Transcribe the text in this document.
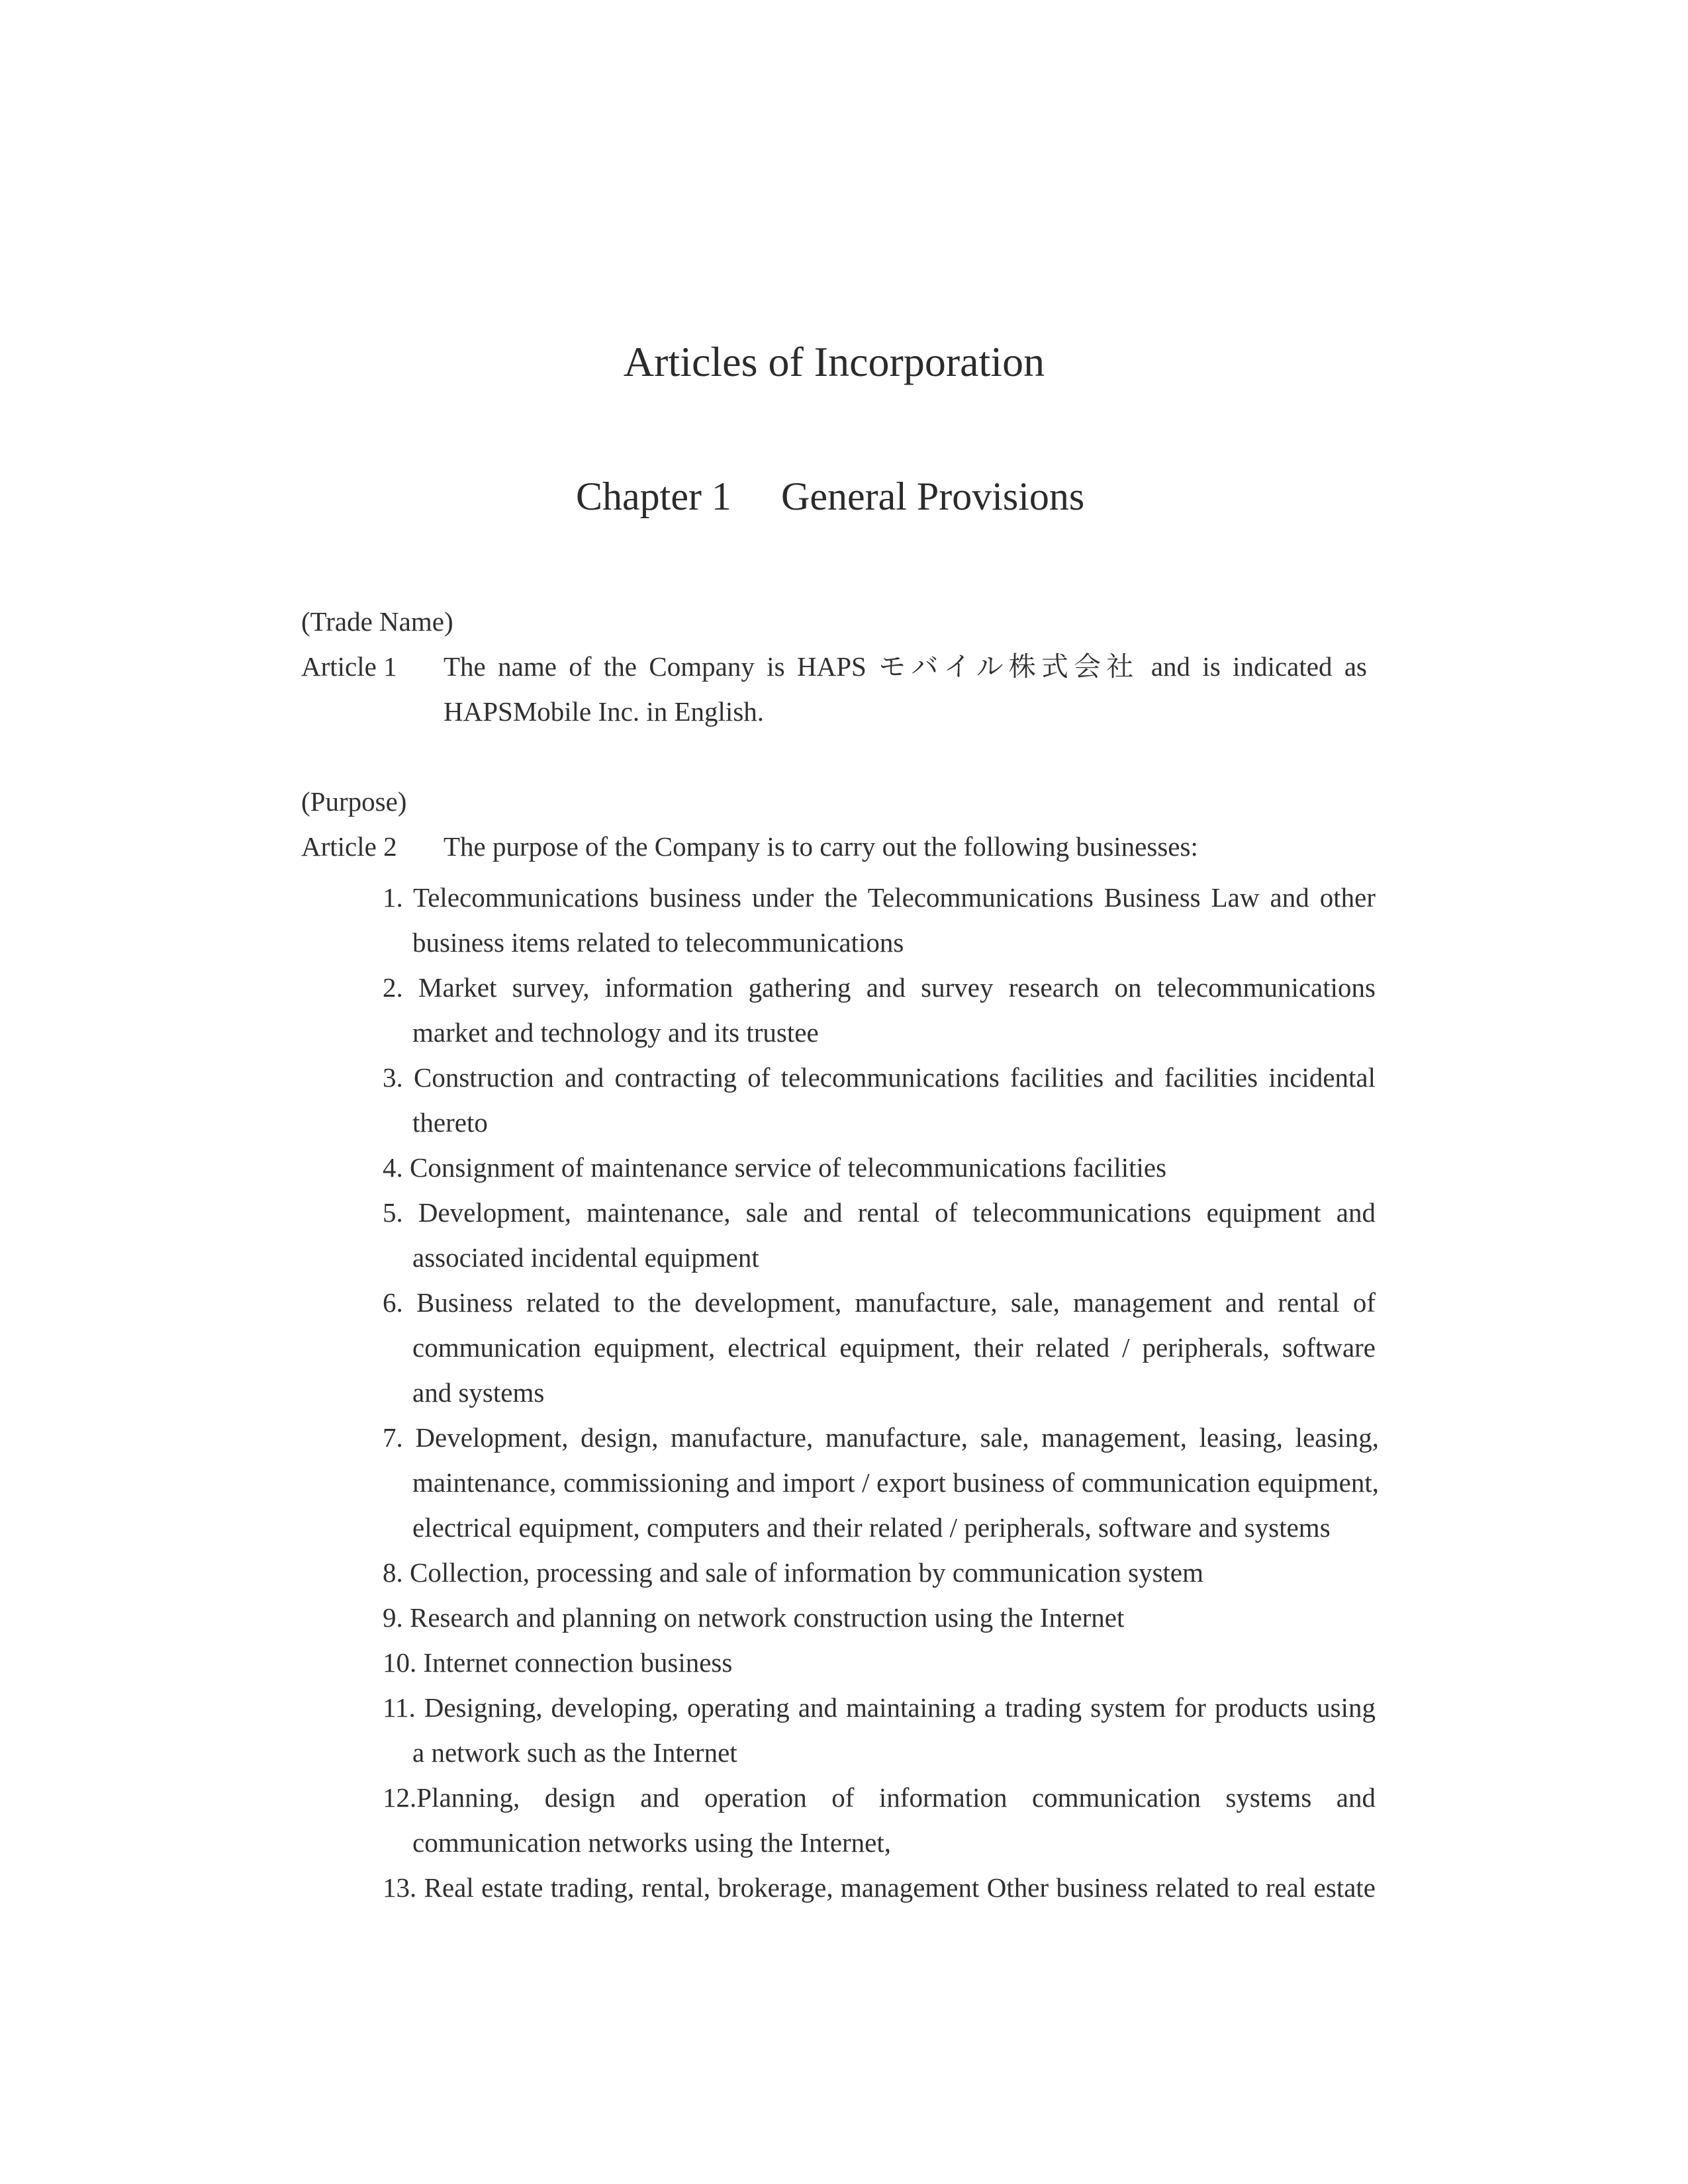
Articles of Incorporation
Chapter 1 General Provisions
(Trade Name)
Article 1 The name of the Company is HAPS モバイル株式会社 and is indicated as
HAPSMobile Inc. in English.
(Purpose)
Article 2 The purpose of the Company is to carry out the following businesses:
1. Telecommunications business under the Telecommunications Business Law and other
business items related to telecommunications
2. Market survey, information gathering and survey research on telecommunications
market and technology and its trustee
3. Construction and contracting of telecommunications facilities and facilities incidental
thereto
4. Consignment of maintenance service of telecommunications facilities
5. Development, maintenance, sale and rental of telecommunications equipment and
associated incidental equipment
6. Business related to the development, manufacture, sale, management and rental of
communication equipment, electrical equipment, their related / peripherals, software
and systems
7. Development, design, manufacture, manufacture, sale, management, leasing, leasing,
maintenance, commissioning and import / export business of communication equipment,
electrical equipment, computers and their related / peripherals, software and systems
8. Collection, processing and sale of information by communication system
9. Research and planning on network construction using the Internet
10. Internet connection business
11. Designing, developing, operating and maintaining a trading system for products using
a network such as the Internet
12.Planning, design and operation of information communication systems and
communication networks using the Internet,
13. Real estate trading, rental, brokerage, management Other business related to real estate
